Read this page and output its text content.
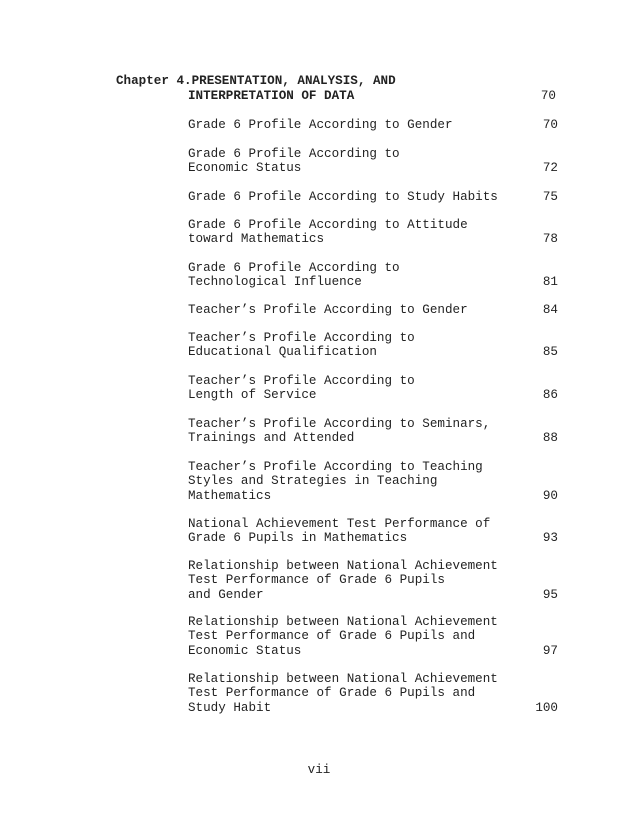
Chapter 4.PRESENTATION, ANALYSIS, AND
INTERPRETATION OF DATA	70
Grade 6 Profile According to Gender	70
Grade 6 Profile According to
Economic Status	72
Grade 6 Profile According to Study Habits	75
Grade 6 Profile According to Attitude
toward Mathematics	78
Grade 6 Profile According to
Technological Influence	81
Teacher’s Profile According to Gender	84
Teacher’s Profile According to
Educational Qualification	85
Teacher’s Profile According to
Length of Service	86
Teacher’s Profile According to Seminars,
Trainings and Attended	88
Teacher’s Profile According to Teaching
Styles and Strategies in Teaching
Mathematics	90
National Achievement Test Performance of
Grade 6 Pupils in Mathematics	93
Relationship between National Achievement
Test Performance of Grade 6 Pupils
and Gender	95
Relationship between National Achievement
Test Performance of Grade 6 Pupils and
Economic Status	97
Relationship between National Achievement
Test Performance of Grade 6 Pupils and
Study Habit	100
vii
